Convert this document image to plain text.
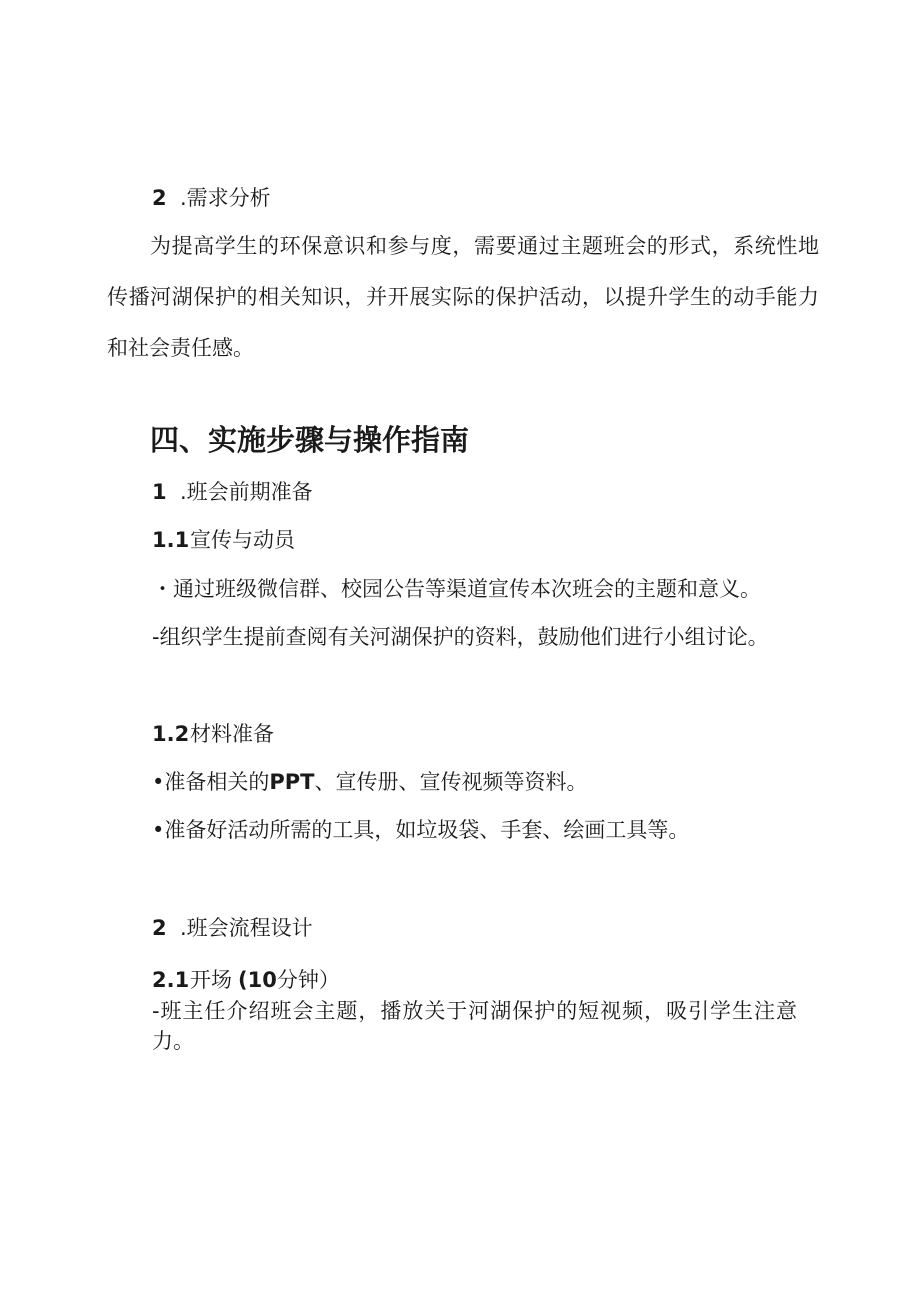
2 .需求分析

为提高学生的环保意识和参与度，需要通过主题班会的形式，系统性地传播河湖保护的相关知识，并开展实际的保护活动，以提升学生的动手能力和社会责任感。

四、实施步骤与操作指南
1 .班会前期准备
1.1宣传与动员
・通过班级微信群、校园公告等渠道宣传本次班会的主题和意义。
-组织学生提前查阅有关河湖保护的资料，鼓励他们进行小组讨论。
1.2材料准备
•准备相关的PPT、宣传册、宣传视频等资料。
•准备好活动所需的工具，如垃圾袋、手套、绘画工具等。
2 .班会流程设计
2.1开场 (10分钟）

-班主任介绍班会主题，播放关于河湖保护的短视频，吸引学生注意力。
